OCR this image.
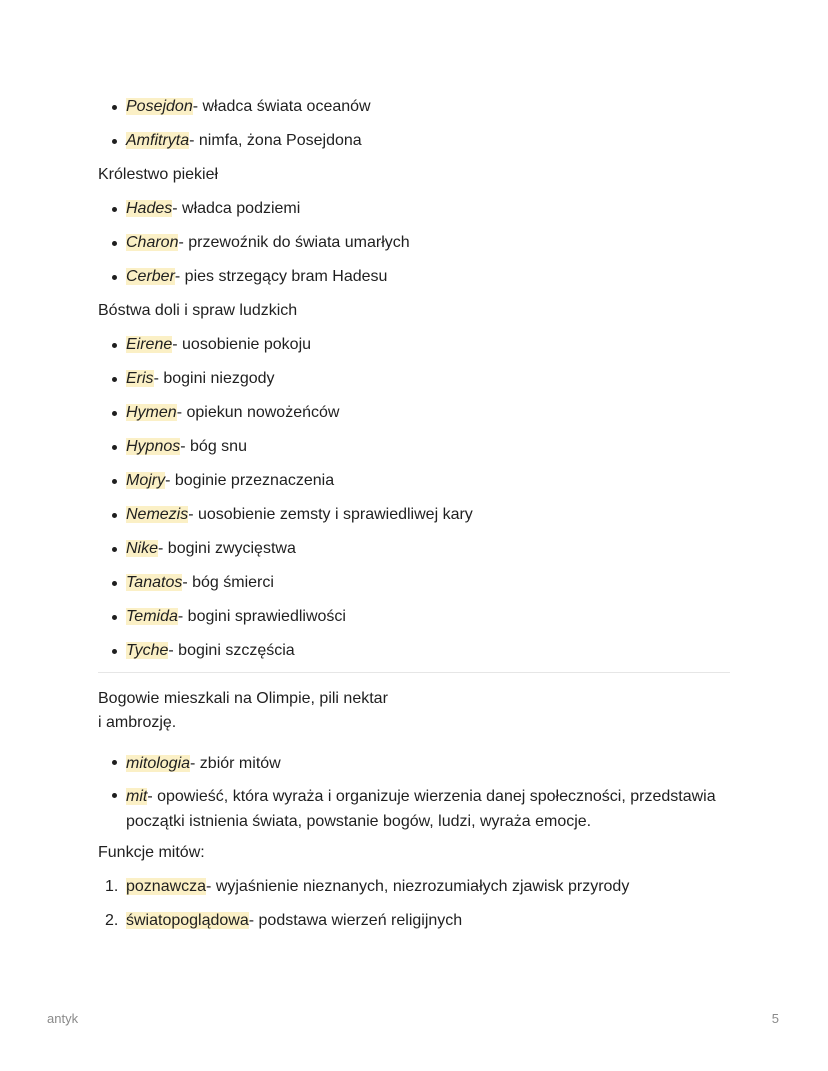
Posejdon- władca świata oceanów
Amfitryta- nimfa, żona Posejdona
Królestwo piekieł
Hades- władca podziemi
Charon- przewoźnik do świata umarłych
Cerber- pies strzegący bram Hadesu
Bóstwa doli i spraw ludzkich
Eirene- uosobienie pokoju
Eris- bogini niezgody
Hymen- opiekun nowożeńców
Hypnos- bóg snu
Mojry- boginie przeznaczenia
Nemezis- uosobienie zemsty i sprawiedliwej kary
Nike- bogini zwycięstwa
Tanatos- bóg śmierci
Temida- bogini sprawiedliwości
Tyche- bogini szczęścia
Bogowie mieszkali na Olimpie, pili nektar
i ambrozję.
mitologia- zbiór mitów
mit- opowieść, która wyraża i organizuje wierzenia danej społeczności, przedstawia początki istnienia świata, powstanie bogów, ludzi, wyraża emocje.
Funkcje mitów:
1. poznawcza- wyjaśnienie nieznanych, niezrozumiałych zjawisk przyrody
2. światopoglądowa- podstawa wierzeń religijnych
antyk	5
